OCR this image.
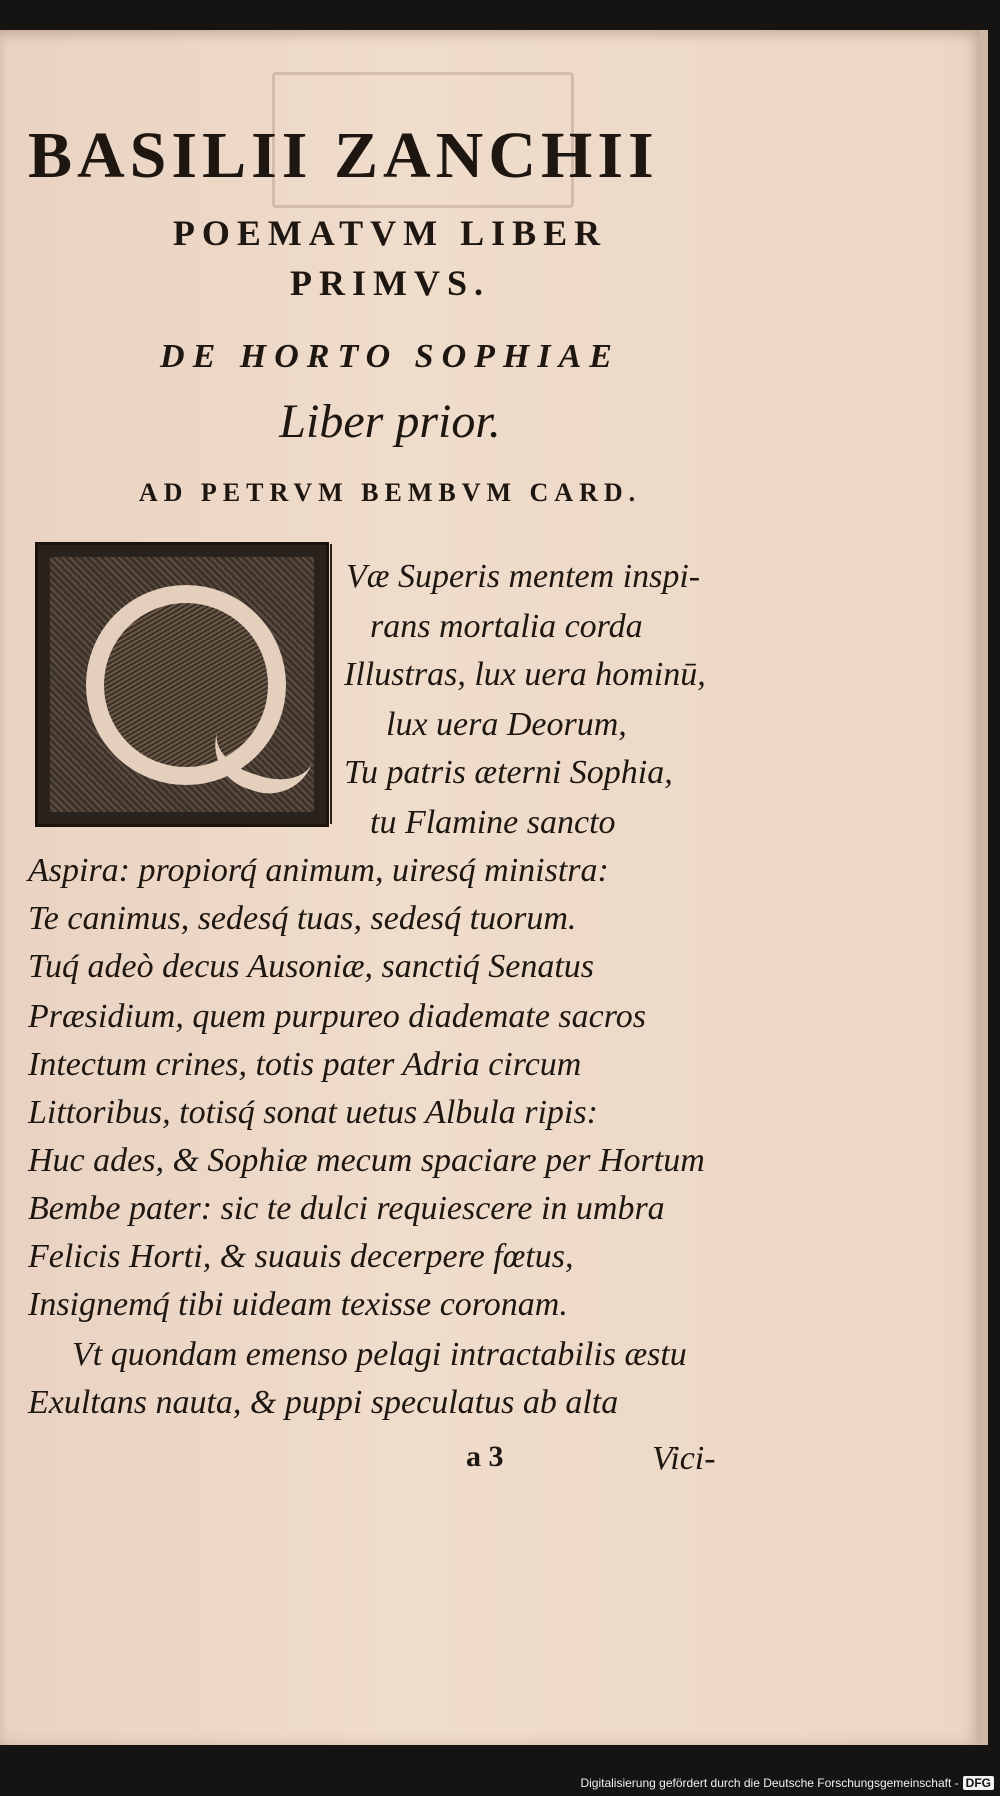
BASILII ZANCHII
POEMATVM LIBER
PRIMVS.
DE HORTO SOPHIAE
Liber prior.
AD PETRVM BEMBVM CARD.
Væ Superis mentem inspi-
rans mortalia corda
Illustras, lux uera hominū,
lux uera Deorum,
Tu patris æterni Sophia,
tu Flamine sancto
Aspira: propiorq́ animum, uiresq́ ministra:
Te canimus, sedesq́ tuas, sedesq́ tuorum.
Tuq́ adeò decus Ausoniæ, sanctiq́ Senatus
Præsidium, quem purpureo diademate sacros
Intectum crines, totis pater Adria circum
Littoribus, totisq́ sonat uetus Albula ripis:
Huc ades, & Sophiæ mecum spaciare per Hortum
Bembe pater: sic te dulci requiescere in umbra
Felicis Horti, & suauis decerpere fœtus,
Insignemq́ tibi uideam texisse coronam.
Vt quondam emenso pelagi intractabilis æstu
Exultans nauta, & puppi speculatus ab alta
a 3	Vici-
Digitalisierung gefördert durch die Deutsche Forschungsgemeinschaft - DFG
